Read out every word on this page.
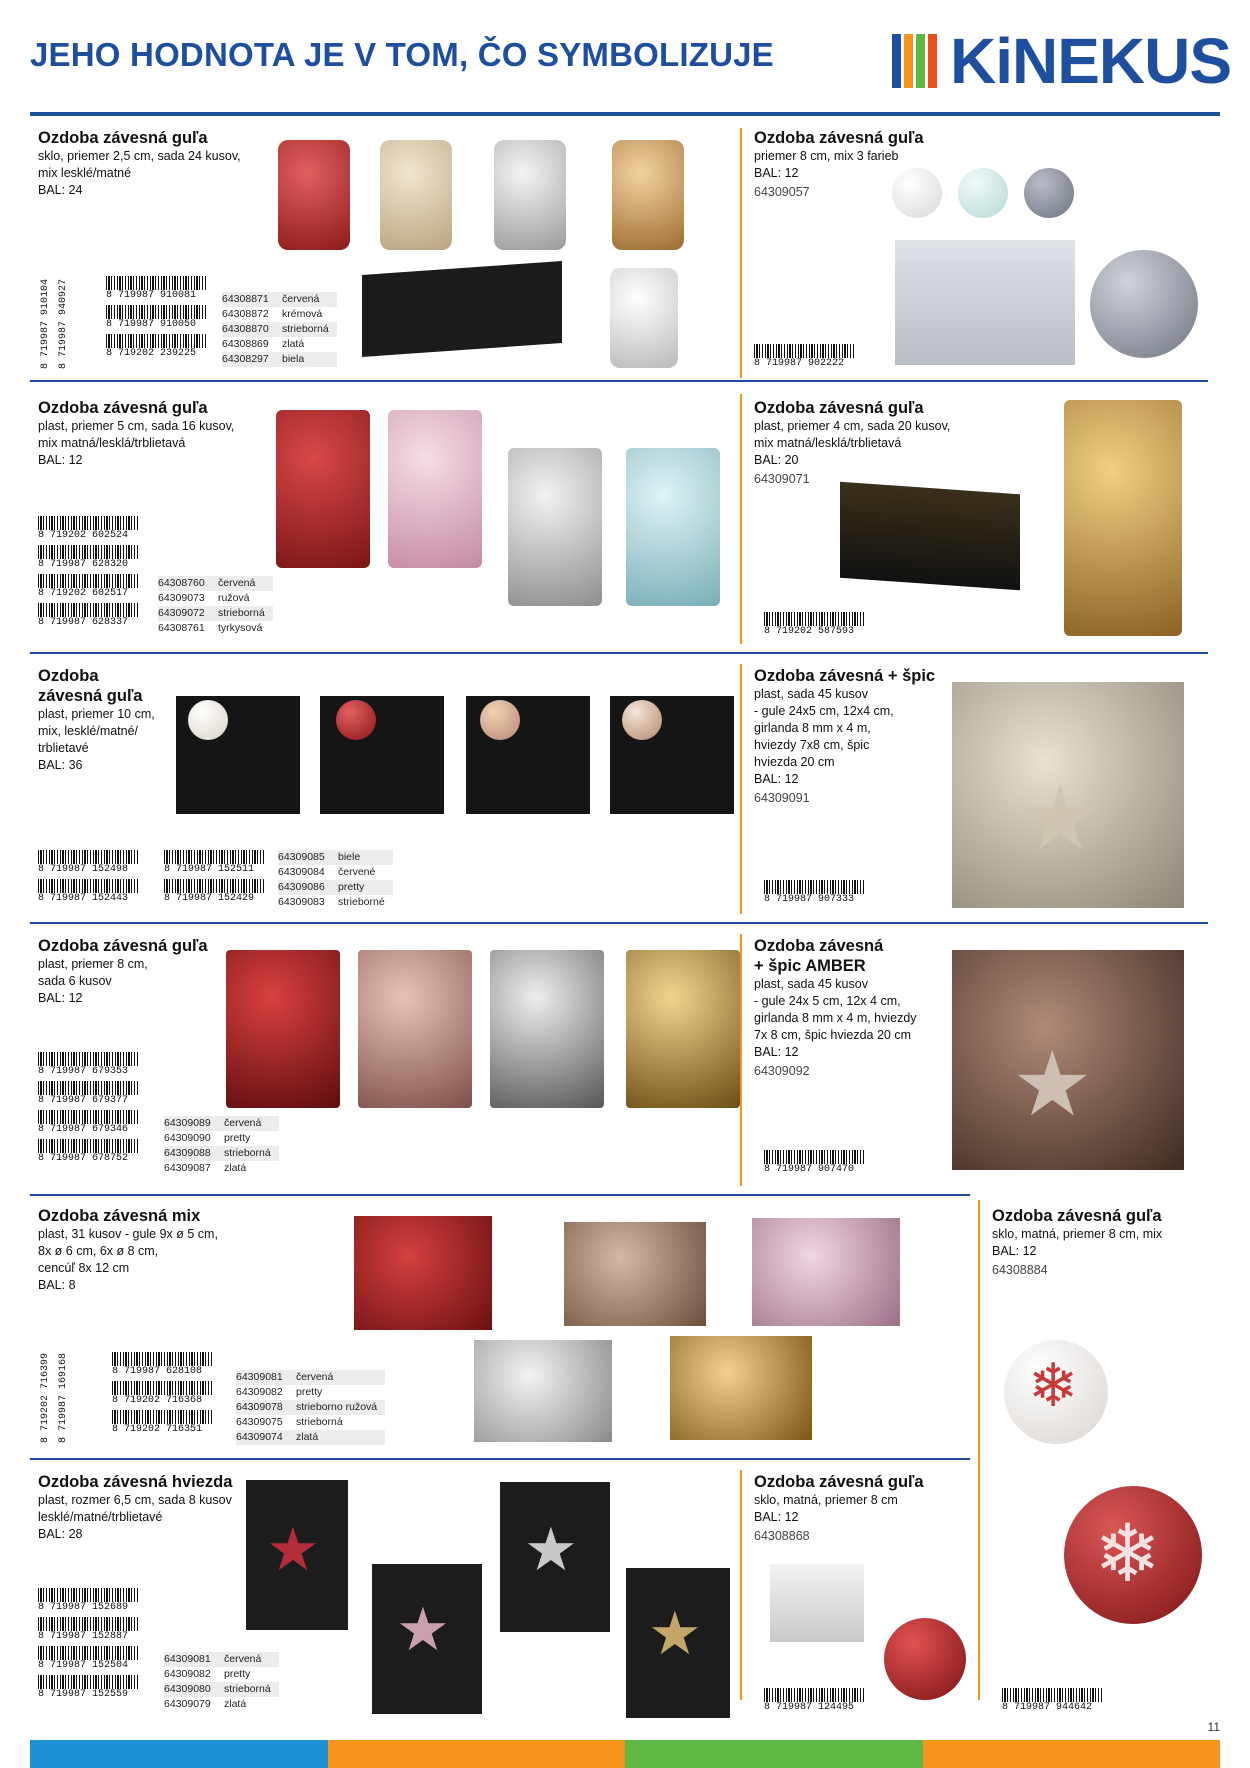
JEHO HODNOTA JE V TOM, ČO SYMBOLIZUJE	KiNEKUS
Ozdoba závesná guľa
sklo, priemer 2,5 cm, sada 24 kusov,
mix lesklé/matné
BAL: 24
8 719987 910104 8 719987 940927	8 719987 910081
8 719987 910050
8 719202 239225
64308871	červená
64308872	krémová
64308870	strieborná
64308869	zlatá
64308297	biela
Ozdoba závesná guľa
priemer 8 cm, mix 3 farieb
BAL: 12
64309057
8 719987 902222
Ozdoba závesná guľa
plast, priemer 5 cm, sada 16 kusov,
mix matná/lesklá/trblietavá
BAL: 12
8 719202 602524
8 719987 628320
8 719202 602517
8 719987 628337
64308760	červená
64309073	ružová
64309072	strieborná
64308761	tyrkysová
Ozdoba závesná guľa
plast, priemer 4 cm, sada 20 kusov,
mix matná/lesklá/trblietavá
BAL: 20
64309071
8 719202 587593
Ozdoba
závesná guľa
plast, priemer 10 cm,
mix, lesklé/matné/
trblietavé
BAL: 36
8 719987 152498
8 719987 152443
8 719987 152511
8 719987 152429
64309085	biele
64309084	červené
64309086	pretty
64309083	strieborné
Ozdoba závesná + špic
plast, sada 45 kusov
- gule 24x5 cm, 12x4 cm,
girlanda 8 mm x 4 m,
hviezdy 7x8 cm, špic
hviezda 20 cm
BAL: 12
64309091
8 719987 907333
★
Ozdoba závesná guľa
plast, priemer 8 cm,
sada 6 kusov
BAL: 12
8 719987 679353
8 719987 679377
8 719987 679346
8 719987 678752
64309089	červená
64309090	pretty
64309088	strieborná
64309087	zlatá
Ozdoba závesná
+ špic AMBER
plast, sada 45 kusov
- gule 24x 5 cm, 12x 4 cm,
girlanda 8 mm x 4 m, hviezdy
7x 8 cm, špic hviezda 20 cm
BAL: 12
64309092
8 719987 907470
★
Ozdoba závesná mix
plast, 31 kusov - gule 9x ø 5 cm,
8x ø 6 cm, 6x ø 8 cm,
cencúľ 8x 12 cm
BAL: 8
8 719202 716399 8 719987 169168	8 719987 628108
8 719202 716368
8 719202 716351
64309081	červená
64309082	pretty
64309078	strieborno ružová
64309075	strieborná
64309074	zlatá
Ozdoba závesná guľa
sklo, matná, priemer 8 cm, mix
BAL: 12
64308884
❄
❄
8 719987 944642
Ozdoba závesná hviezda
plast, rozmer 6,5 cm, sada 8 kusov
lesklé/matné/trblietavé
BAL: 28
8 719987 152689
8 719987 152887
8 719987 152504
8 719987 152559
64309081	červená
64309082	pretty
64309080	strieborná
64309079	zlatá
★
★
★
★
Ozdoba závesná guľa
sklo, matná, priemer 8 cm
BAL: 12
64308868
8 719987 124495
11
